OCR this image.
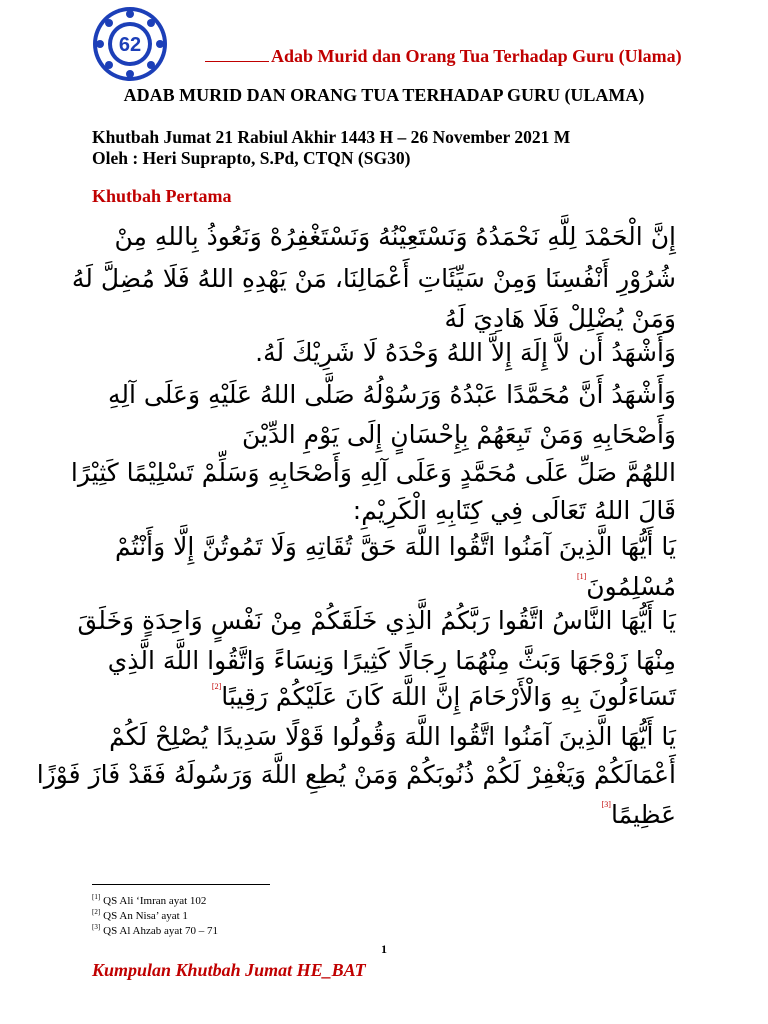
62	Adab Murid dan Orang Tua Terhadap Guru (Ulama)
ADAB MURID DAN ORANG TUA TERHADAP GURU (ULAMA)
Khutbah Jumat 21 Rabiul Akhir 1443 H – 26 November 2021 M
Oleh : Heri Suprapto, S.Pd, CTQN (SG30)
Khutbah Pertama
إِنَّ الْحَمْدَ لِلَّهِ نَحْمَدُهُ وَنَسْتَعِيْنُهُ وَنَسْتَغْفِرُهْ وَنَعُوذُ بِاللهِ مِنْ
شُرُوْرِ أَنْفُسِنَا وَمِنْ سَيِّئَاتِ أَعْمَالِنَا، مَنْ يَهْدِهِ اللهُ فَلَا مُضِلَّ لَهُ
وَمَنْ يُضْلِلْ فَلَا هَادِيَ لَهُ
وَأَشْهَدُ أَن لاَّ إِلَهَ إِلاَّ اللهُ وَحْدَهُ لَا شَرِيْكَ لَهُ.
وَأَشْهَدُ أَنَّ مُحَمَّدًا عَبْدُهُ وَرَسُوْلُهُ صَلَّى اللهُ عَلَيْهِ وَعَلَى آلِهِ
وَأَصْحَابِهِ وَمَنْ تَبِعَهُمْ بِإِحْسَانٍ إِلَى يَوْمِ الدِّيْنَ
اللهُمَّ صَلِّ عَلَى مُحَمَّدٍ وَعَلَى آلِهِ وَأَصْحَابِهِ وَسَلِّمْ تَسْلِيْمًا كَثِيْرًا
قَالَ اللهُ تَعَالَى فِي كِتَابِهِ الْكَرِيْمِ:
يَا أَيُّهَا الَّذِينَ آمَنُوا اتَّقُوا اللَّهَ حَقَّ تُقَاتِهِ وَلَا تَمُوتُنَّ إِلَّا وَأَنْتُمْ
مُسْلِمُونَ[1]
يَا أَيُّهَا النَّاسُ اتَّقُوا رَبَّكُمُ الَّذِي خَلَقَكُمْ مِنْ نَفْسٍ وَاحِدَةٍ وَخَلَقَ
مِنْهَا زَوْجَهَا وَبَثَّ مِنْهُمَا رِجَالًا كَثِيرًا وَنِسَاءً وَاتَّقُوا اللَّهَ الَّذِي
تَسَاءَلُونَ بِهِ وَالْأَرْحَامَ إِنَّ اللَّهَ كَانَ عَلَيْكُمْ رَقِيبًا[2]
يَا أَيُّهَا الَّذِينَ آمَنُوا اتَّقُوا اللَّهَ وَقُولُوا قَوْلًا سَدِيدًا يُصْلِحْ لَكُمْ
أَعْمَالَكُمْ وَيَغْفِرْ لَكُمْ ذُنُوبَكُمْ وَمَنْ يُطِعِ اللَّهَ وَرَسُولَهُ فَقَدْ فَازَ فَوْزًا
عَظِيمًا[3]
[1] QS Ali ‘Imran ayat 102
[2] QS An Nisa’ ayat 1
[3] QS Al Ahzab ayat 70 – 71
1
Kumpulan Khutbah Jumat HE_BAT
